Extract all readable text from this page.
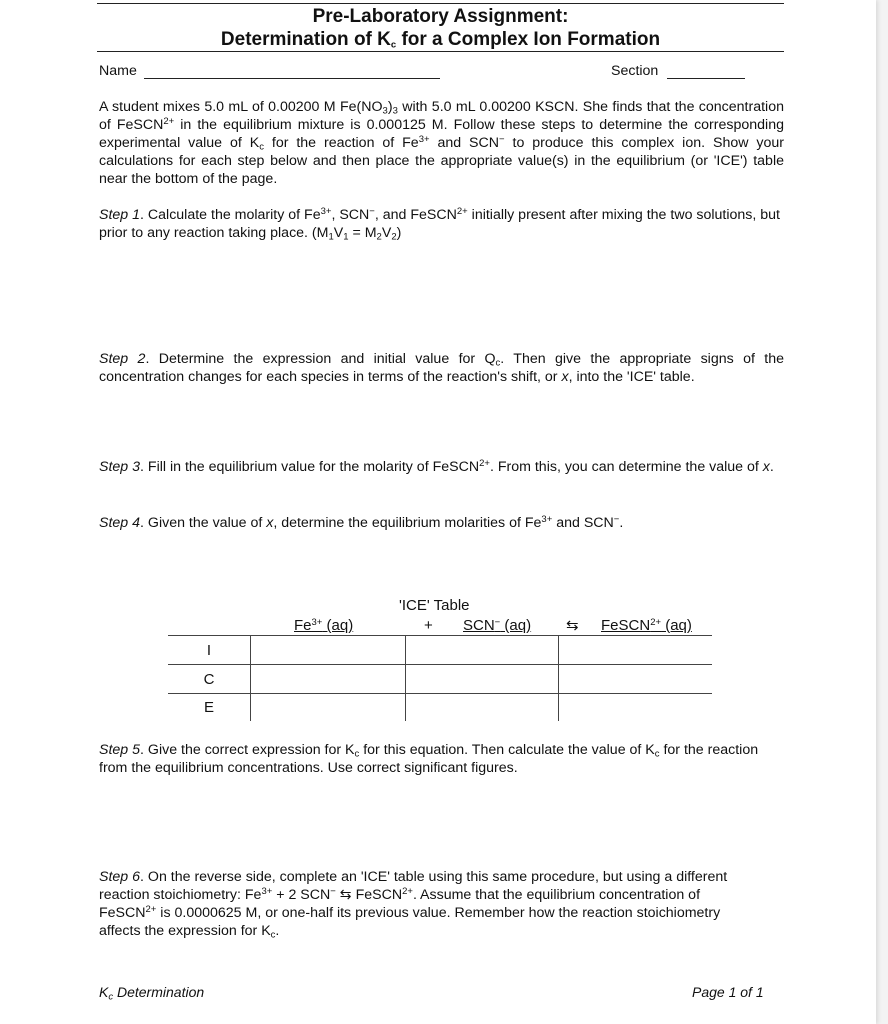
Pre-Laboratory Assignment:
Determination of $K_c$ for a Complex Ion Formation
Name	Section
A student mixes 5.0 mL of 0.00200 M $Fe(NO_3)_3$ with 5.0 mL 0.00200 KSCN. She finds that the concentration of FeSCN$^{2+}$ in the equilibrium mixture is 0.000125 M. Follow these steps to determine the corresponding experimental value of $K_c$ for the reaction of $Fe^{3+}$ and SCN− to produce this complex ion. Show your calculations for each step below and then place the appropriate value(s) in the equilibrium (or 'ICE') table near the bottom of the page.
Step 1. Calculate the molarity of $Fe^{3+}$, SCN−, and FeSCN$^{2+}$ initially present after mixing the two solutions, but prior to any reaction taking place. $(M_1V_1 = M_2V_2)$
Step 2. Determine the expression and initial value for $Q_c$. Then give the appropriate signs of the concentration changes for each species in terms of the reaction's shift, or x, into the 'ICE' table.
Step 3. Fill in the equilibrium value for the molarity of FeSCN$^{2+}$. From this, you can determine the value of x.
Step 4. Given the value of x, determine the equilibrium molarities of $Fe^{3+}$ and SCN−.
'ICE' Table
$Fe^{3+}$ (aq)	+ SCN− (aq) ⇆ FeSCN$^{2+}$ (aq)
I
C
E
Step 5. Give the correct expression for $K_c$ for this equation. Then calculate the value of $K_c$ for the reaction from the equilibrium concentrations. Use correct significant figures.
Step 6. On the reverse side, complete an 'ICE' table using this same procedure, but using a different reaction stoichiometry: $Fe^{3+} + 2$ SCN− ⇆ FeSCN$^{2+}$. Assume that the equilibrium concentration of FeSCN$^{2+}$ is 0.0000625 M, or one-half its previous value. Remember how the reaction stoichiometry affects the expression for $K_c$.
$K_c$ Determination	Page 1 of 1
